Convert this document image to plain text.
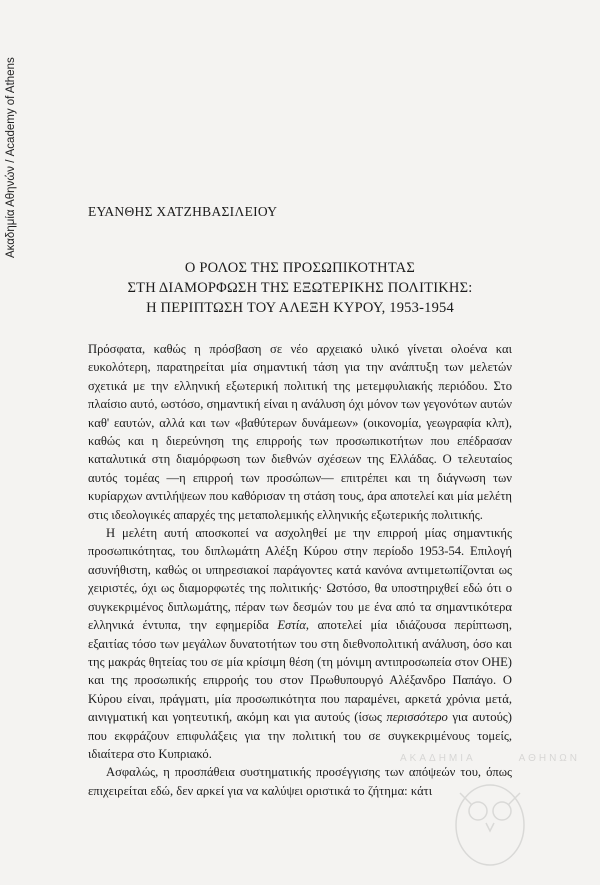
Ακαδημία Αθηνών / Academy of Athens	ΕΥΑΝΘΗΣ ΧΑΤΖΗΒΑΣΙΛΕΙΟΥ
Ο ΡΟΛΟΣ ΤΗΣ ΠΡΟΣΩΠΙΚΟΤΗΤΑΣ
ΣΤΗ ΔΙΑΜΟΡΦΩΣΗ ΤΗΣ ΕΞΩΤΕΡΙΚΗΣ ΠΟΛΙΤΙΚΗΣ:
Η ΠΕΡΙΠΤΩΣΗ ΤΟΥ ΑΛΕΞΗ ΚΥΡΟΥ, 1953-1954

Πρόσφατα, καθώς η πρόσβαση σε νέο αρχειακό υλικό γίνεται ολοένα και ευκολότερη, παρατηρείται μία σημαντική τάση για την ανάπτυξη των μελετών σχετικά με την ελληνική εξωτερική πολιτική της μετεμφυλιακής περιόδου. Στο πλαίσιο αυτό, ωστόσο, σημαντική είναι η ανάλυση όχι μόνον των γεγονότων αυτών καθ' εαυτών, αλλά και των «βαθύτερων δυνάμεων» (οικονομία, γεωγραφία κλπ), καθώς και η διερεύνηση της επιρροής των προσωπικοτήτων που επέδρασαν καταλυτικά στη διαμόρφωση των διεθνών σχέσεων της Ελλάδας. Ο τελευταίος αυτός τομέας —η επιρροή των προσώπων— επιτρέπει και τη διάγνωση των κυρίαρχων αντιλήψεων που καθόρισαν τη στάση τους, άρα αποτελεί και μία μελέτη στις ιδεολογικές απαρχές της μεταπολεμικής ελληνικής εξωτερικής πολιτικής.

Η μελέτη αυτή αποσκοπεί να ασχοληθεί με την επιρροή μίας σημαντικής προσωπικότητας, του διπλωμάτη Αλέξη Κύρου στην περίοδο 1953-54. Επιλογή ασυνήθιστη, καθώς οι υπηρεσιακοί παράγοντες κατά κανόνα αντιμετωπίζονται ως χειριστές, όχι ως διαμορφωτές της πολιτικής· Ωστόσο, θα υποστηριχθεί εδώ ότι ο συγκεκριμένος διπλωμάτης, πέραν των δεσμών του με ένα από τα σημαντικότερα ελληνικά έντυπα, την εφημερίδα Εστία, αποτελεί μία ιδιάζουσα περίπτωση, εξαιτίας τόσο των μεγάλων δυνατοτήτων του στη διεθνοπολιτική ανάλυση, όσο και της μακράς θητείας του σε μία κρίσιμη θέση (τη μόνιμη αντιπροσωπεία στον ΟΗΕ) και της προσωπικής επιρροής του στον Πρωθυπουργό Αλέξανδρο Παπάγο. Ο Κύρου είναι, πράγματι, μία προσωπικότητα που παραμένει, αρκετά χρόνια μετά, αινιγματική και γοητευτική, ακόμη και για αυτούς (ίσως περισσότερο για αυτούς) που εκφράζουν επιφυλάξεις για την πολιτική του σε συγκεκριμένους τομείς, ιδιαίτερα στο Κυπριακό.

Ασφαλώς, η προσπάθεια συστηματικής προσέγγισης των απόψεών του, όπως επιχειρείται εδώ, δεν αρκεί για να καλύψει οριστικά το ζήτημα: κάτι

ΑΚΑΔΗΜΙΑ	ΑΘΗΝΩΝ
